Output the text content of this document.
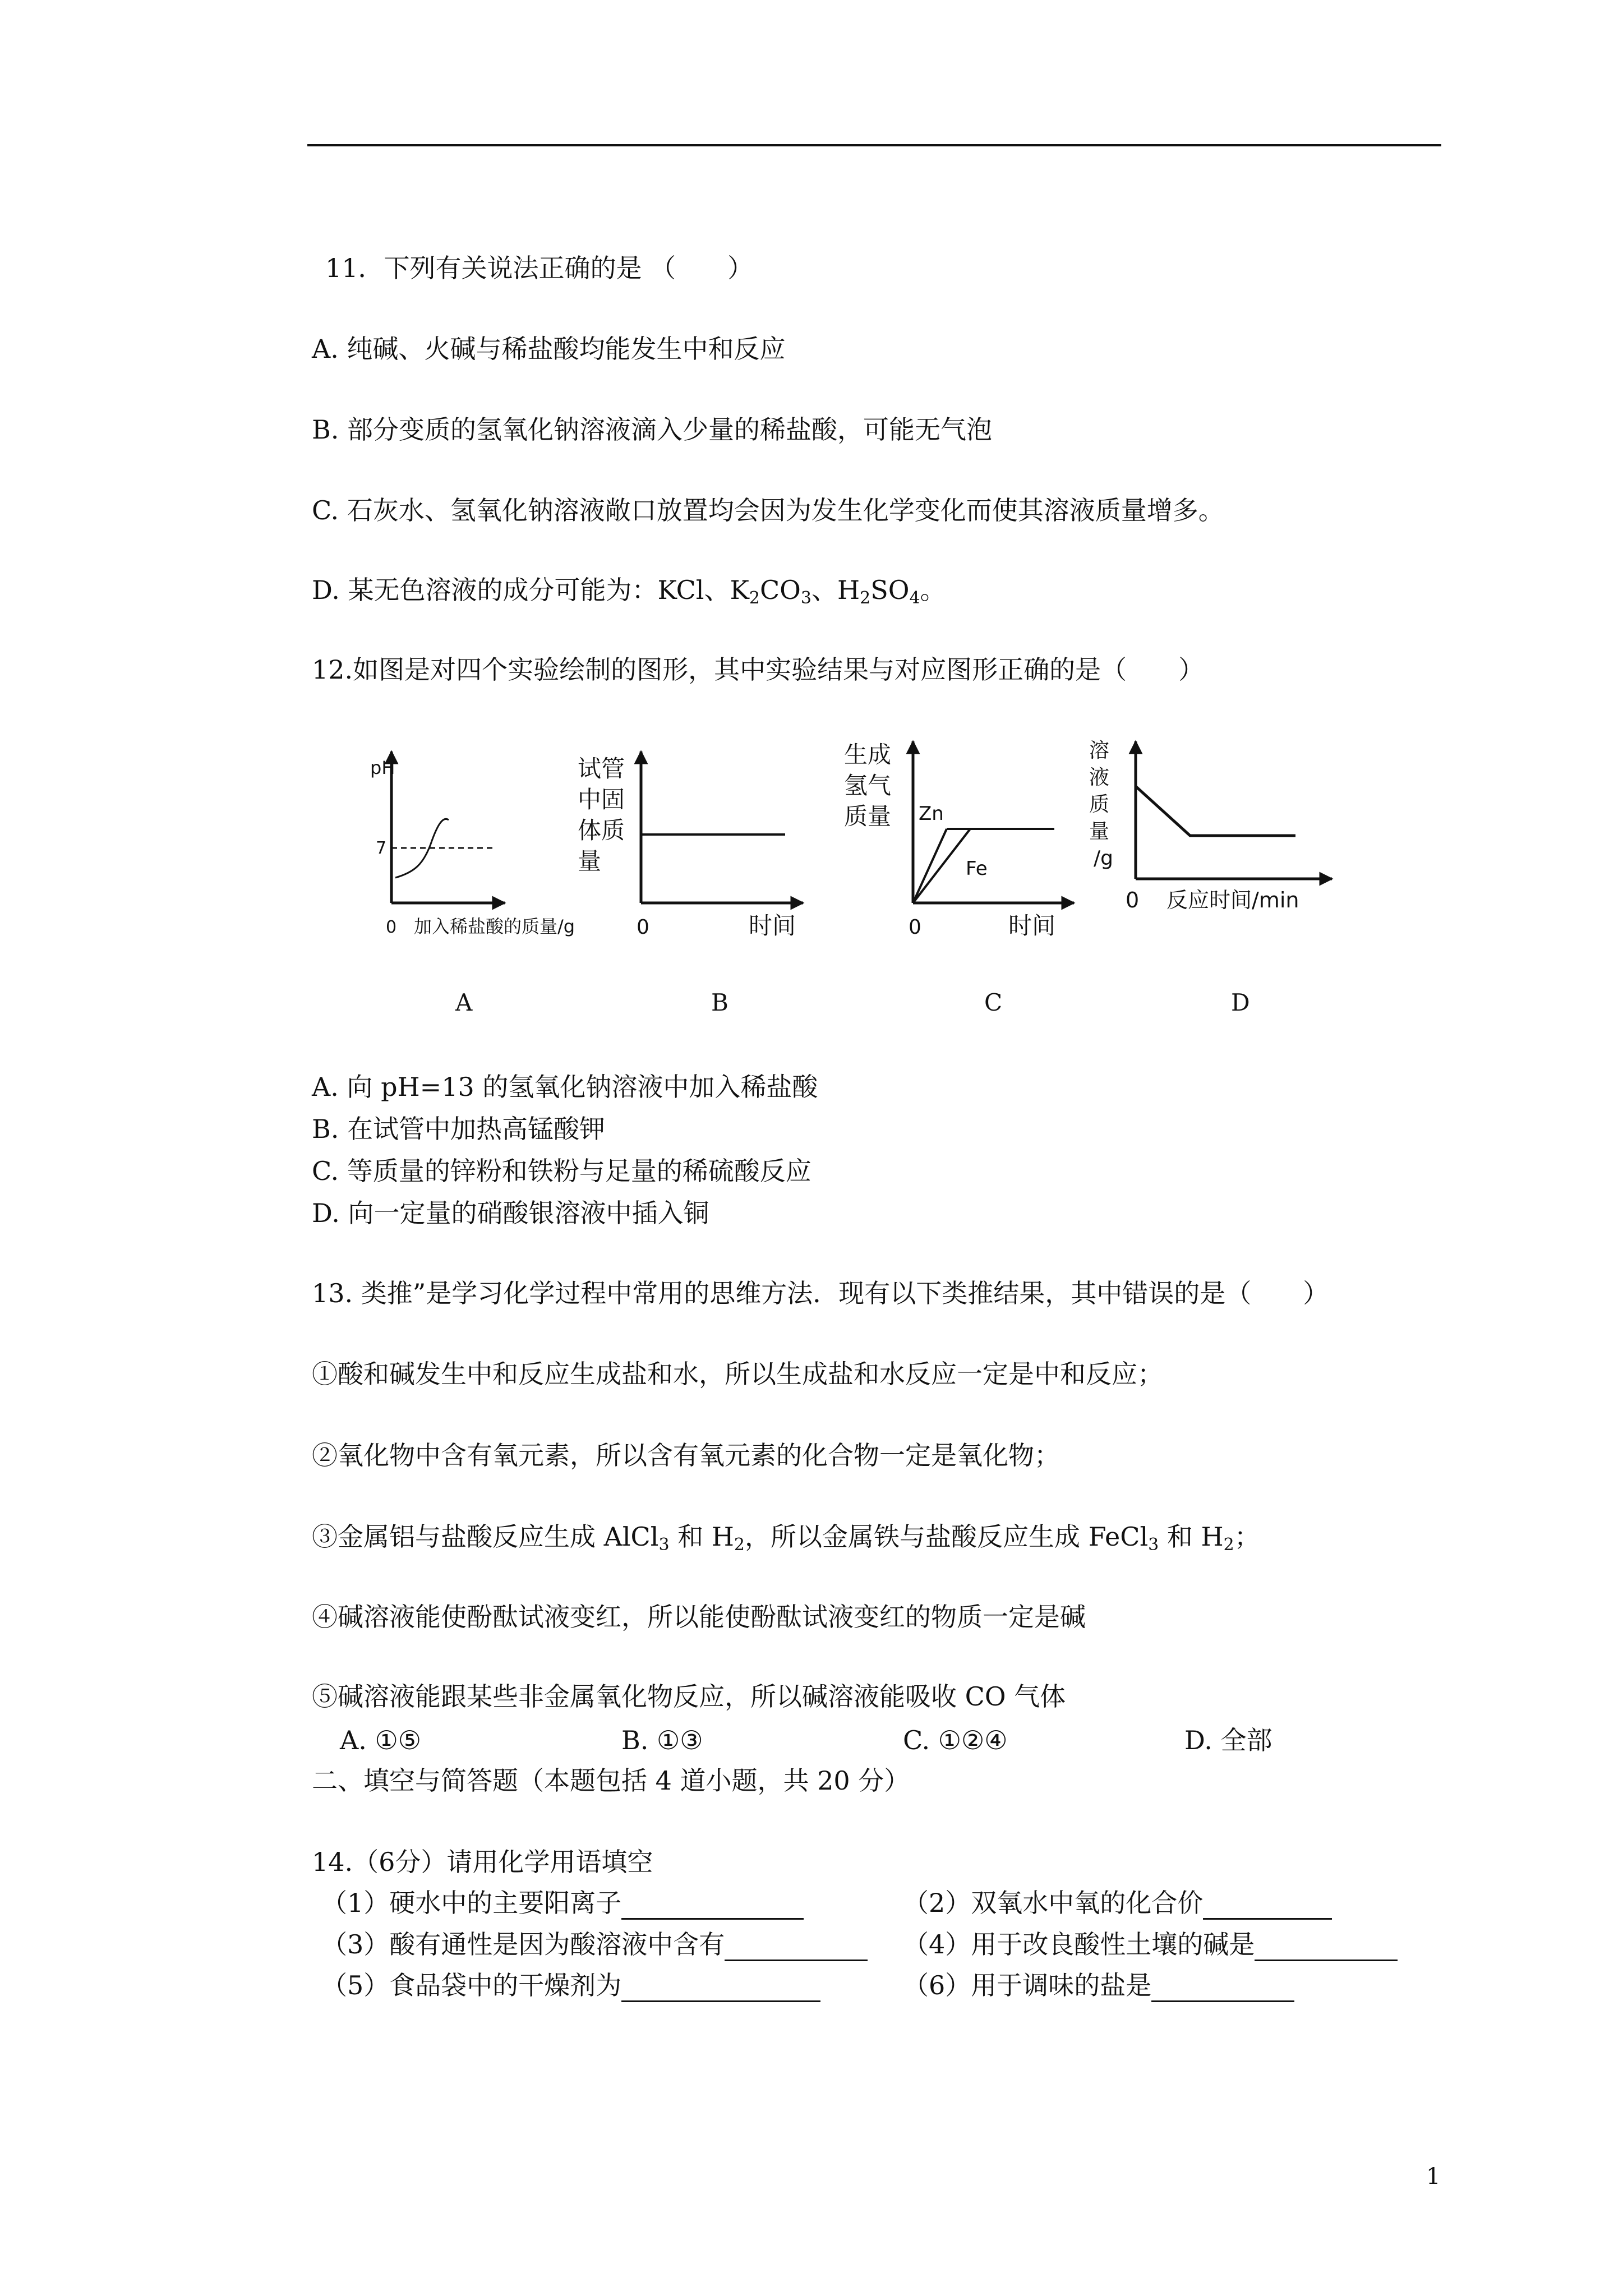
11．下列有关说法正确的是 （　　）
A. 纯碱、火碱与稀盐酸均能发生中和反应
B. 部分变质的氢氧化钠溶液滴入少量的稀盐酸，可能无气泡
C. 石灰水、氢氧化钠溶液敞口放置均会因为发生化学变化而使其溶液质量增多。
D. 某无色溶液的成分可能为：KCl、$K_2CO_3$、$H_2SO_4$。
12.如图是对四个实验绘制的图形，其中实验结果与对应图形正确的是（　　）
pH
7
0 加入稀盐酸的质量/g
试管
中固
体质
量
0	时间
生成
氢气
质量 Zn
Fe
0	时间
溶
液
质
量
/g
0 反应时间/min
A	B	C	D
A. 向 pH=13 的氢氧化钠溶液中加入稀盐酸
B. 在试管中加热高锰酸钾
C. 等质量的锌粉和铁粉与足量的稀硫酸反应
D. 向一定量的硝酸银溶液中插入铜
13. 类推”是学习化学过程中常用的思维方法．现有以下类推结果，其中错误的是（　　）
①酸和碱发生中和反应生成盐和水，所以生成盐和水反应一定是中和反应；
②氧化物中含有氧元素，所以含有氧元素的化合物一定是氧化物；
③金属铝与盐酸反应生成 AlCl$_3$ 和 $H_2$，所以金属铁与盐酸反应生成 FeCl$_3$ 和 $H_2$；
④碱溶液能使酚酞试液变红，所以能使酚酞试液变红的物质一定是碱
⑤碱溶液能跟某些非金属氧化物反应，所以碱溶液能吸收 CO 气体
A. ①⑤	B. ①③	C. ①②④	D. 全部
二、填空与简答题（本题包括 4 道小题，共 20 分）
14.（6分）请用化学用语填空
（1）硬水中的主要阳离子	（2）双氧水中氧的化合价
（3）酸有通性是因为酸溶液中含有	（4）用于改良酸性土壤的碱是
（5）食品袋中的干燥剂为	（6）用于调味的盐是
1
